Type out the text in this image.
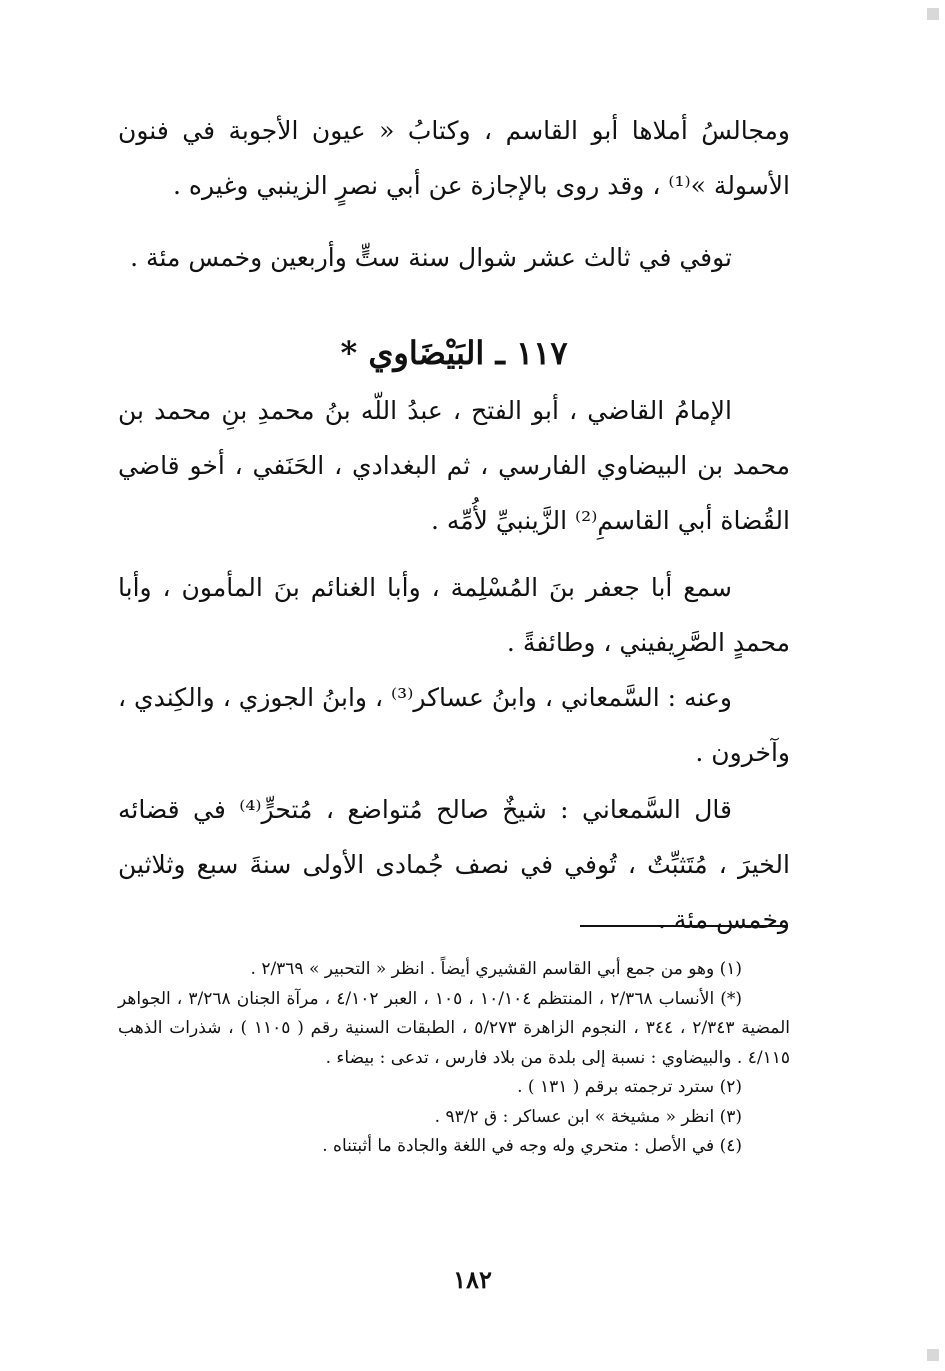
ومجالسُ أملاها أبو القاسم ، وكتابُ « عيون الأجوبة في فنون الأسولة »⁽¹⁾ ، وقد روى بالإجازة عن أبي نصرٍ الزينبي وغيره .
توفي في ثالث عشر شوال سنة ستٍّ وأربعين وخمس مئة .
١١٧ ـ البَيْضَاوي *
الإمامُ القاضي ، أبو الفتح ، عبدُ اللّه بنُ محمدِ بنِ محمد بن محمد بن البيضاوي الفارسي ، ثم البغدادي ، الحَنَفي ، أخو قاضي القُضاة أبي القاسمِ⁽²⁾ الزَّينبيِّ لأُمِّه .
سمع أبا جعفر بنَ المُسْلِمة ، وأبا الغنائم بنَ المأمون ، وأبا محمدٍ الصَّرِيفيني ، وطائفةً .
وعنه : السَّمعاني ، وابنُ عساكر⁽³⁾ ، وابنُ الجوزي ، والكِندي ، وآخرون .
قال السَّمعاني : شيخٌ صالح مُتواضع ، مُتحرٍّ⁽⁴⁾ في قضائه الخيرَ ، مُتَثبِّتٌ ، تُوفي في نصف جُمادى الأولى سنةَ سبع وثلاثين وخمس مئة .
(١) وهو من جمع أبي القاسم القشيري أيضاً . انظر « التحبير » ٢/٣٦٩ .
(*) الأنساب ٢/٣٦٨ ، المنتظم ١٠/١٠٤ ، ١٠٥ ، العبر ٤/١٠٢ ، مرآة الجنان ٣/٢٦٨ ، الجواهر المضية ٢/٣٤٣ ، ٣٤٤ ، النجوم الزاهرة ٥/٢٧٣ ، الطبقات السنية رقم ( ١١٠٥ ) ، شذرات الذهب ٤/١١٥ . والبيضاوي : نسبة إلى بلدة من بلاد فارس ، تدعى : بيضاء .
(٢) سترد ترجمته برقم ( ١٣١ ) .
(٣) انظر « مشيخة » ابن عساكر : ق ٩٣/٢ .
(٤) في الأصل : متحري وله وجه في اللغة والجادة ما أثبتناه .
١٨٢
